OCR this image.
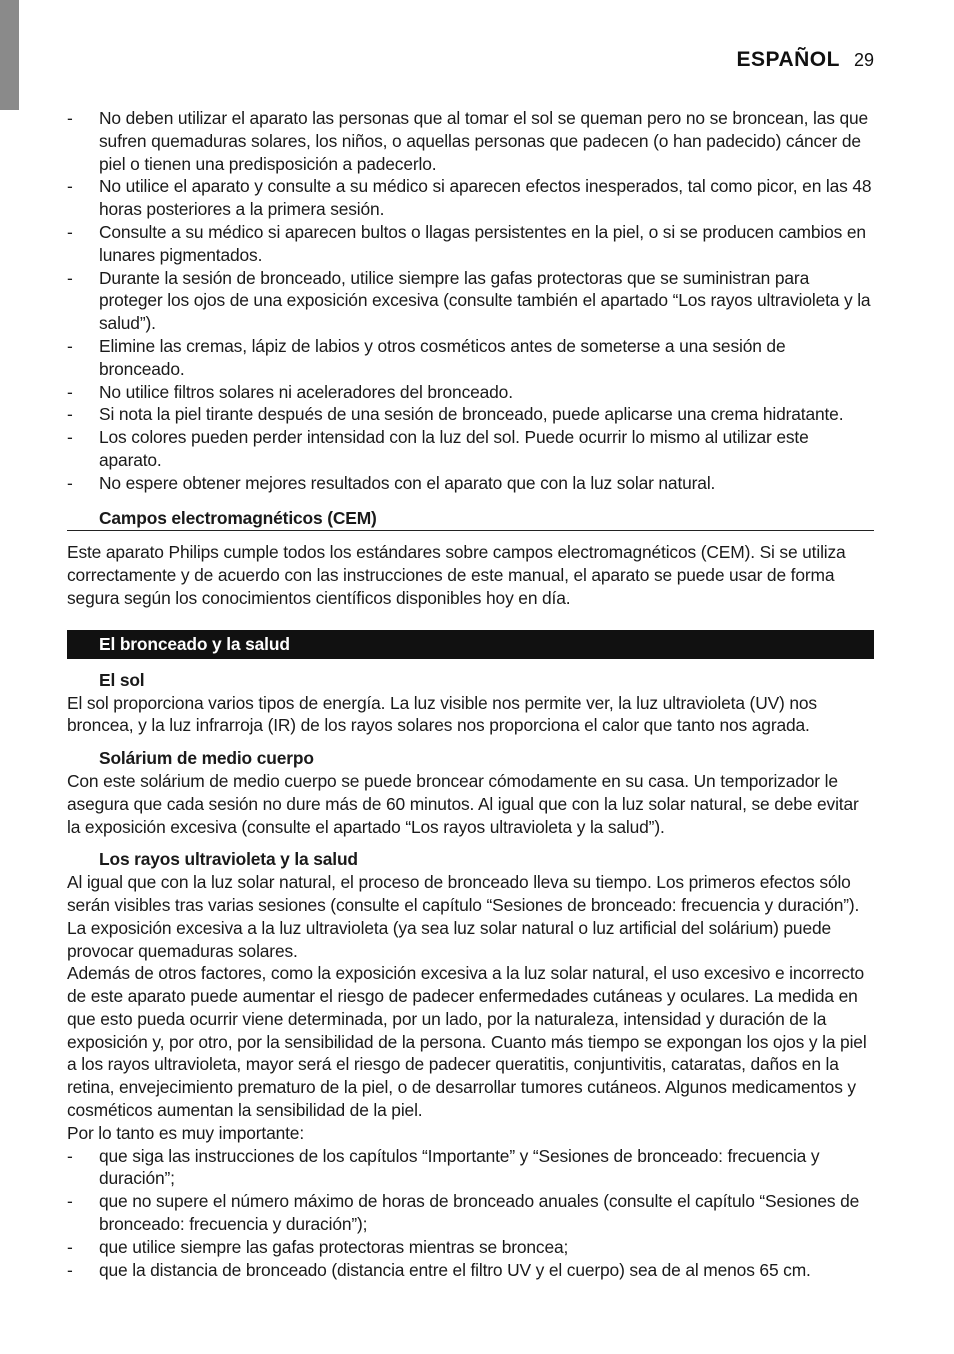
ESPAÑOL 29
- No deben utilizar el aparato las personas que al tomar el sol se queman pero no se broncean, las que sufren quemaduras solares, los niños, o aquellas personas que padecen (o han padecido) cáncer de piel o tienen una predisposición a padecerlo.
- No utilice el aparato y consulte a su médico si aparecen efectos inesperados, tal como picor, en las 48 horas posteriores a la primera sesión.
- Consulte a su médico si aparecen bultos o llagas persistentes en la piel, o si se producen cambios en lunares pigmentados.
- Durante la sesión de bronceado, utilice siempre las gafas protectoras que se suministran para proteger los ojos de una exposición excesiva (consulte también el apartado “Los rayos ultravioleta y la salud”).
- Elimine las cremas, lápiz de labios y otros cosméticos antes de someterse a una sesión de bronceado.
- No utilice filtros solares ni aceleradores del bronceado.
- Si nota la piel tirante después de una sesión de bronceado, puede aplicarse una crema hidratante.
- Los colores pueden perder intensidad con la luz del sol. Puede ocurrir lo mismo al utilizar este aparato.
- No espere obtener mejores resultados con el aparato que con la luz solar natural.
Campos electromagnéticos (CEM)

Este aparato Philips cumple todos los estándares sobre campos electromagnéticos (CEM). Si se utiliza correctamente y de acuerdo con las instrucciones de este manual, el aparato se puede usar de forma segura según los conocimientos científicos disponibles hoy en día.

El bronceado y la salud
El sol

El sol proporciona varios tipos de energía. La luz visible nos permite ver, la luz ultravioleta (UV) nos broncea, y la luz infrarroja (IR) de los rayos solares nos proporciona el calor que tanto nos agrada.

Solárium de medio cuerpo

Con este solárium de medio cuerpo se puede broncear cómodamente en su casa. Un temporizador le asegura que cada sesión no dure más de 60 minutos. Al igual que con la luz solar natural, se debe evitar la exposición excesiva (consulte el apartado “Los rayos ultravioleta y la salud”).

Los rayos ultravioleta y la salud

Al igual que con la luz solar natural, el proceso de bronceado lleva su tiempo. Los primeros efectos sólo serán visibles tras varias sesiones (consulte el capítulo “Sesiones de bronceado: frecuencia y duración”).

La exposición excesiva a la luz ultravioleta (ya sea luz solar natural o luz artificial del solárium) puede provocar quemaduras solares.

Además de otros factores, como la exposición excesiva a la luz solar natural, el uso excesivo e incorrecto de este aparato puede aumentar el riesgo de padecer enfermedades cutáneas y oculares. La medida en que esto pueda ocurrir viene determinada, por un lado, por la naturaleza, intensidad y duración de la exposición y, por otro, por la sensibilidad de la persona. Cuanto más tiempo se expongan los ojos y la piel a los rayos ultravioleta, mayor será el riesgo de padecer queratitis, conjuntivitis, cataratas, daños en la retina, envejecimiento prematuro de la piel, o de desarrollar tumores cutáneos. Algunos medicamentos y cosméticos aumentan la sensibilidad de la piel.

Por lo tanto es muy importante:

- que siga las instrucciones de los capítulos “Importante” y “Sesiones de bronceado: frecuencia y duración”;
- que no supere el número máximo de horas de bronceado anuales (consulte el capítulo “Sesiones de bronceado: frecuencia y duración”);
- que utilice siempre las gafas protectoras mientras se broncea;
- que la distancia de bronceado (distancia entre el filtro UV y el cuerpo) sea de al menos 65 cm.
